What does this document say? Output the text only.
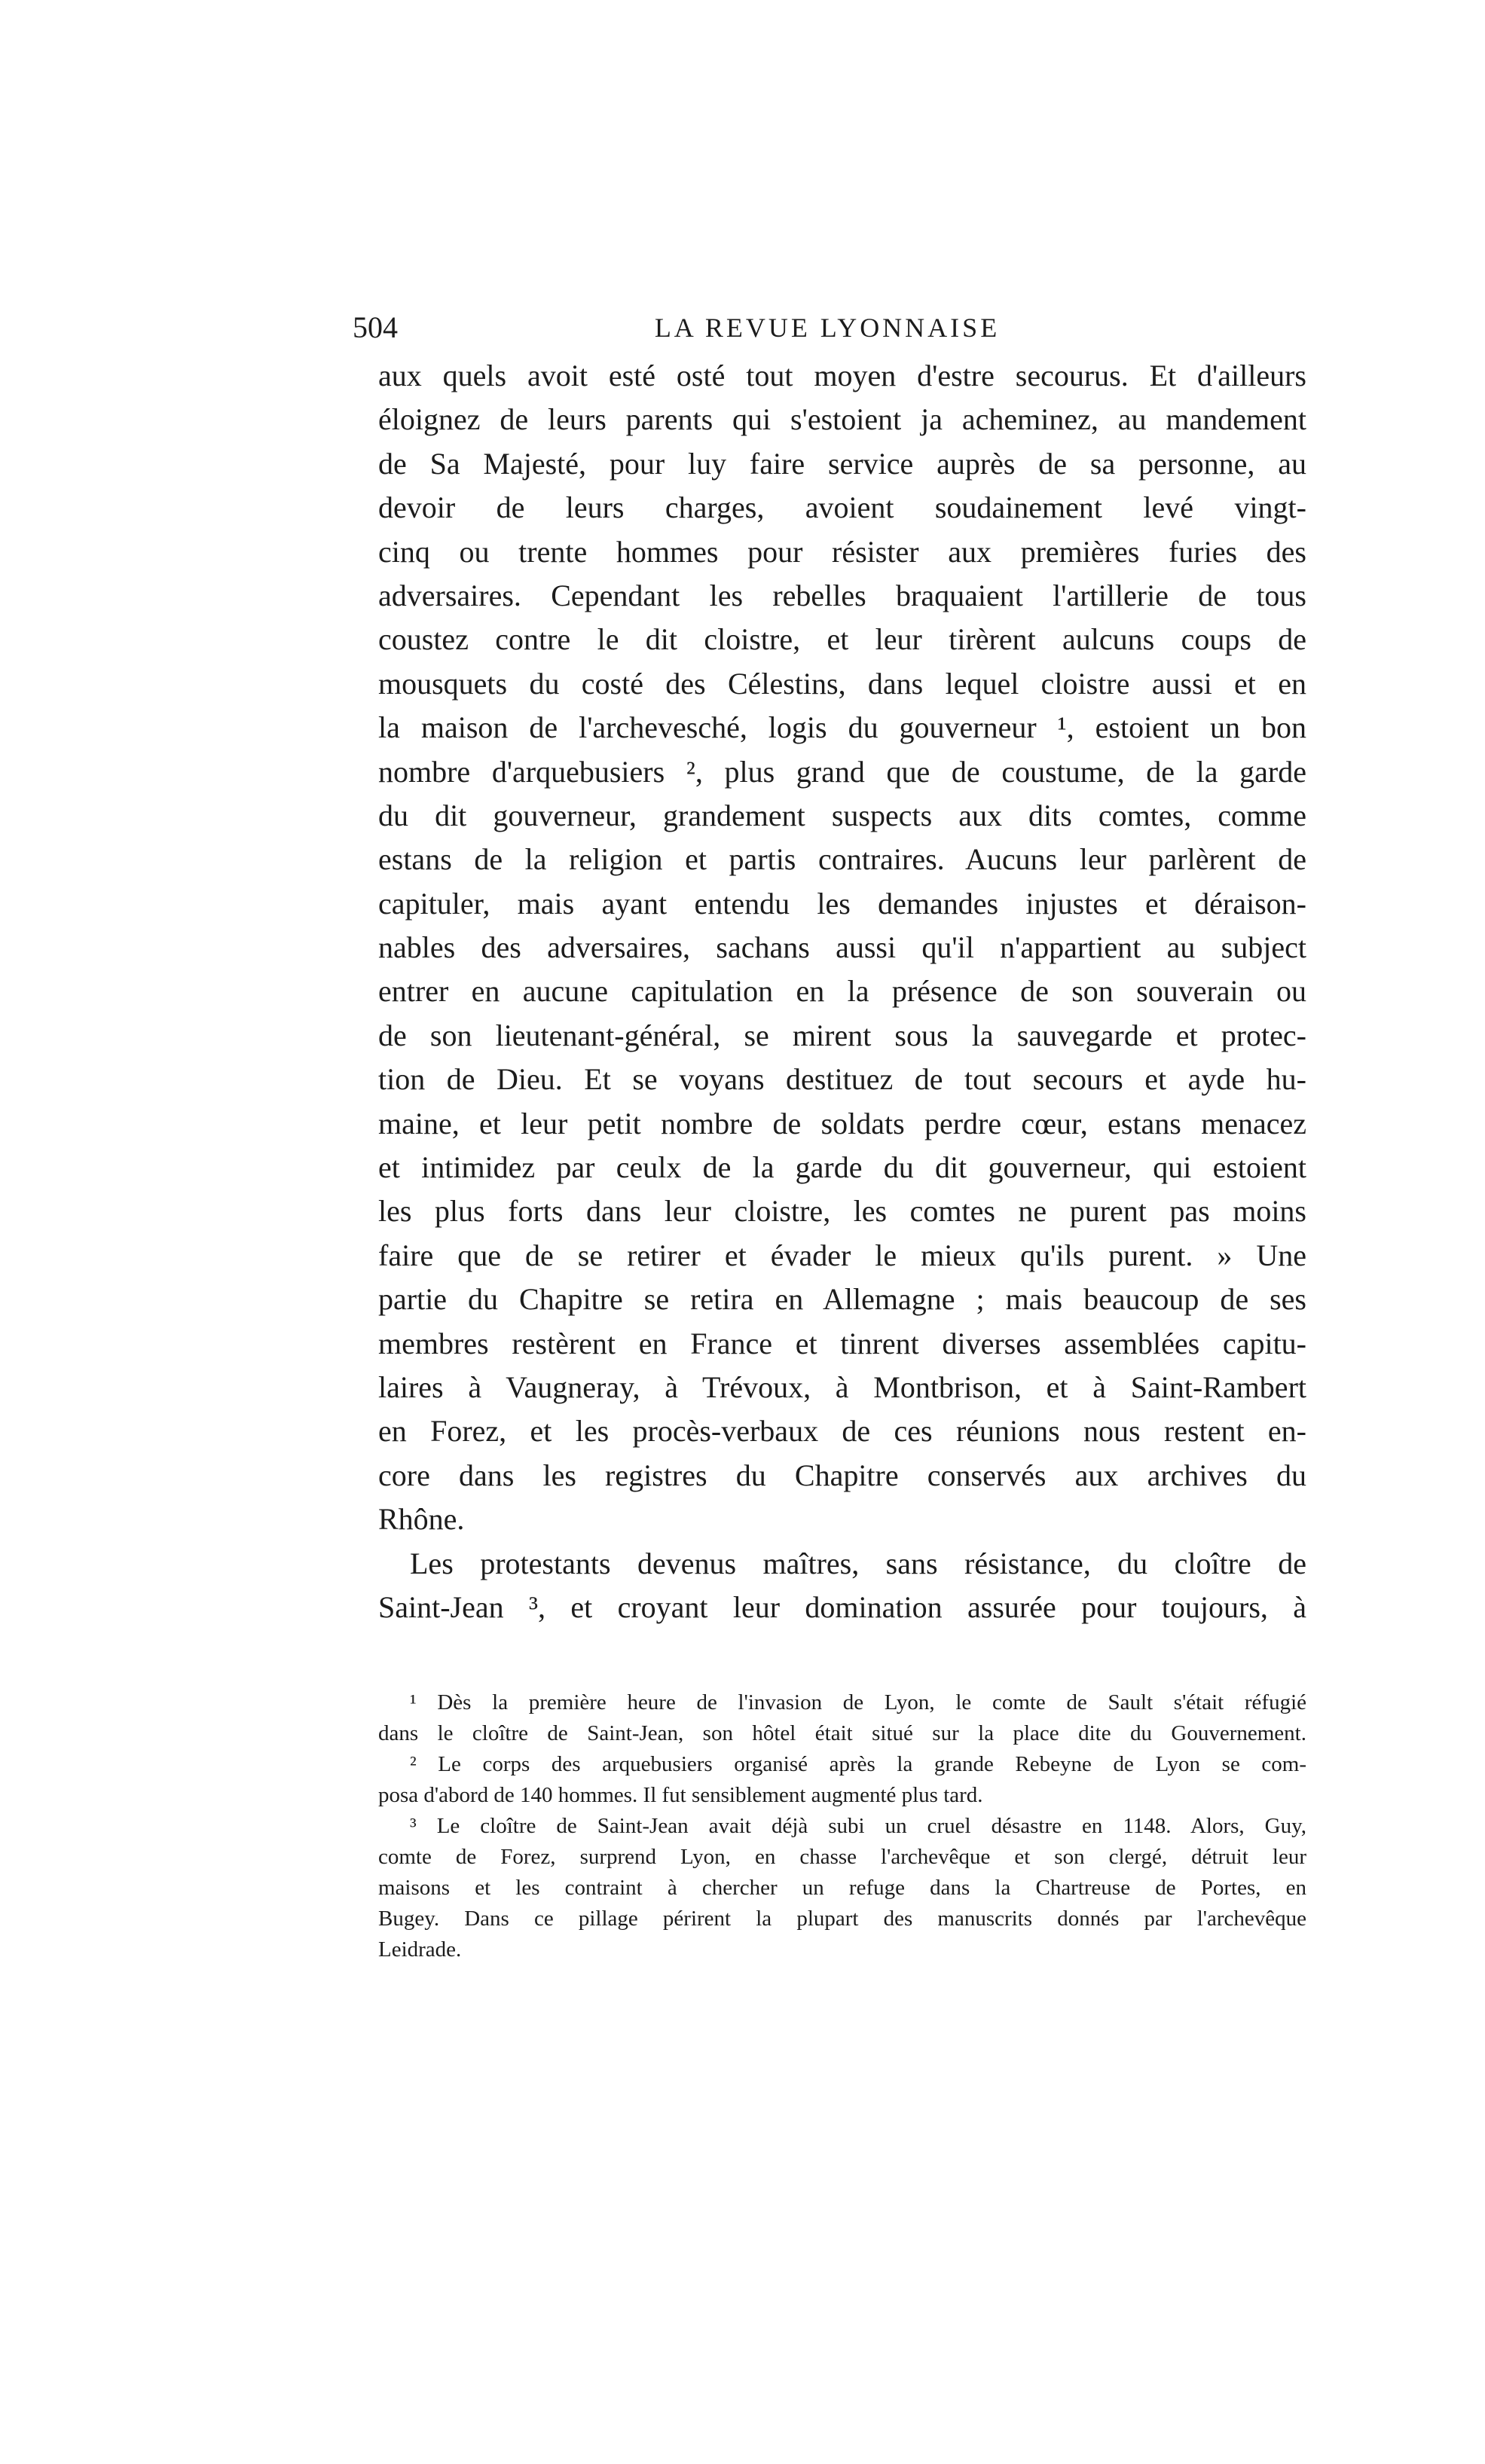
504	LA REVUE LYONNAISE
aux quels avoit esté osté tout moyen d'estre secourus. Et d'ailleurs
éloignez de leurs parents qui s'estoient ja acheminez, au mandement
de Sa Majesté, pour luy faire service auprès de sa personne, au
devoir de leurs charges, avoient soudainement levé vingt-
cinq ou trente hommes pour résister aux premières furies des
adversaires. Cependant les rebelles braquaient l'artillerie de tous
coustez contre le dit cloistre, et leur tirèrent aulcuns coups de
mousquets du costé des Célestins, dans lequel cloistre aussi et en
la maison de l'archevesché, logis du gouverneur ¹, estoient un bon
nombre d'arquebusiers ², plus grand que de coustume, de la garde
du dit gouverneur, grandement suspects aux dits comtes, comme
estans de la religion et partis contraires. Aucuns leur parlèrent de
capituler, mais ayant entendu les demandes injustes et déraison-
nables des adversaires, sachans aussi qu'il n'appartient au subject
entrer en aucune capitulation en la présence de son souverain ou
de son lieutenant-général, se mirent sous la sauvegarde et protec-
tion de Dieu. Et se voyans destituez de tout secours et ayde hu-
maine, et leur petit nombre de soldats perdre cœur, estans menacez
et intimidez par ceulx de la garde du dit gouverneur, qui estoient
les plus forts dans leur cloistre, les comtes ne purent pas moins
faire que de se retirer et évader le mieux qu'ils purent. » Une
partie du Chapitre se retira en Allemagne ; mais beaucoup de ses
membres restèrent en France et tinrent diverses assemblées capitu-
laires à Vaugneray, à Trévoux, à Montbrison, et à Saint-Rambert
en Forez, et les procès-verbaux de ces réunions nous restent en-
core dans les registres du Chapitre conservés aux archives du
Rhône.
Les protestants devenus maîtres, sans résistance, du cloître de
Saint-Jean ³, et croyant leur domination assurée pour toujours, à
¹ Dès la première heure de l'invasion de Lyon, le comte de Sault s'était réfugié
dans le cloître de Saint-Jean, son hôtel était situé sur la place dite du Gouvernement.
² Le corps des arquebusiers organisé après la grande Rebeyne de Lyon se com-
posa d'abord de 140 hommes. Il fut sensiblement augmenté plus tard.
³ Le cloître de Saint-Jean avait déjà subi un cruel désastre en 1148. Alors, Guy,
comte de Forez, surprend Lyon, en chasse l'archevêque et son clergé, détruit leur
maisons et les contraint à chercher un refuge dans la Chartreuse de Portes, en
Bugey. Dans ce pillage périrent la plupart des manuscrits donnés par l'archevêque
Leidrade.
